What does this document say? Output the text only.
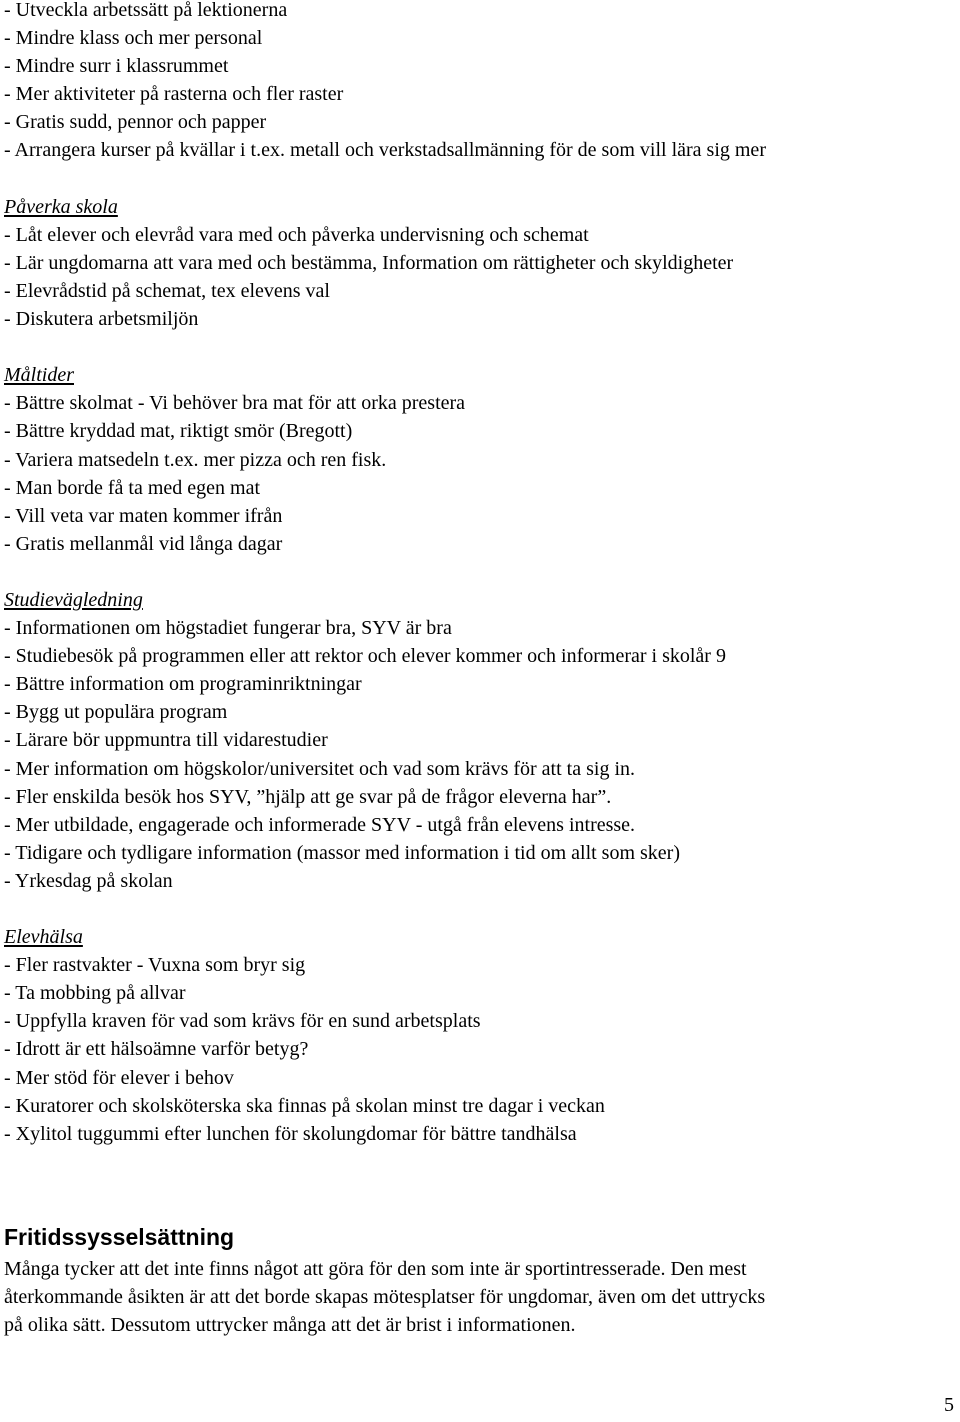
- Utveckla arbetssätt på lektionerna
- Mindre klass och mer personal
- Mindre surr i klassrummet
- Mer aktiviteter på rasterna och fler raster
- Gratis sudd, pennor och papper
- Arrangera kurser på kvällar i t.ex. metall och verkstadsallmänning för de som vill lära sig mer
Påverka skola
- Låt elever och elevråd vara med och påverka undervisning och schemat
- Lär ungdomarna att vara med och bestämma, Information om rättigheter och skyldigheter
- Elevrådstid på schemat, tex elevens val
- Diskutera arbetsmiljön
Måltider
- Bättre skolmat - Vi behöver bra mat för att orka prestera
- Bättre kryddad mat, riktigt smör (Bregott)
- Variera matsedeln t.ex. mer pizza och ren fisk.
- Man borde få ta med egen mat
- Vill veta var maten kommer ifrån
- Gratis mellanmål vid långa dagar
Studievägledning
- Informationen om högstadiet fungerar bra, SYV är bra
- Studiebesök på programmen eller att rektor och elever kommer och informerar i skolår 9
- Bättre information om programinriktningar
- Bygg ut populära program
- Lärare bör uppmuntra till vidarestudier
- Mer information om högskolor/universitet och vad som krävs för att ta sig in.
- Fler enskilda besök hos SYV, ”hjälp att ge svar på de frågor eleverna har”.
- Mer utbildade, engagerade och informerade SYV - utgå från elevens intresse.
- Tidigare och tydligare information (massor med information i tid om allt som sker)
- Yrkesdag på skolan
Elevhälsa
- Fler rastvakter - Vuxna som bryr sig
- Ta mobbing på allvar
- Uppfylla kraven för vad som krävs för en sund arbetsplats
- Idrott är ett hälsoämne varför betyg?
- Mer stöd för elever i behov
- Kuratorer och skolsköterska ska finnas på skolan minst tre dagar i veckan
- Xylitol tuggummi efter lunchen för skolungdomar för bättre tandhälsa
Fritidssysselsättning
Många tycker att det inte finns något att göra för den som inte är sportintresserade. Den mest
återkommande åsikten är att det borde skapas mötesplatser för ungdomar, även om det uttrycks
på olika sätt. Dessutom uttrycker många att det är brist i informationen.
5
